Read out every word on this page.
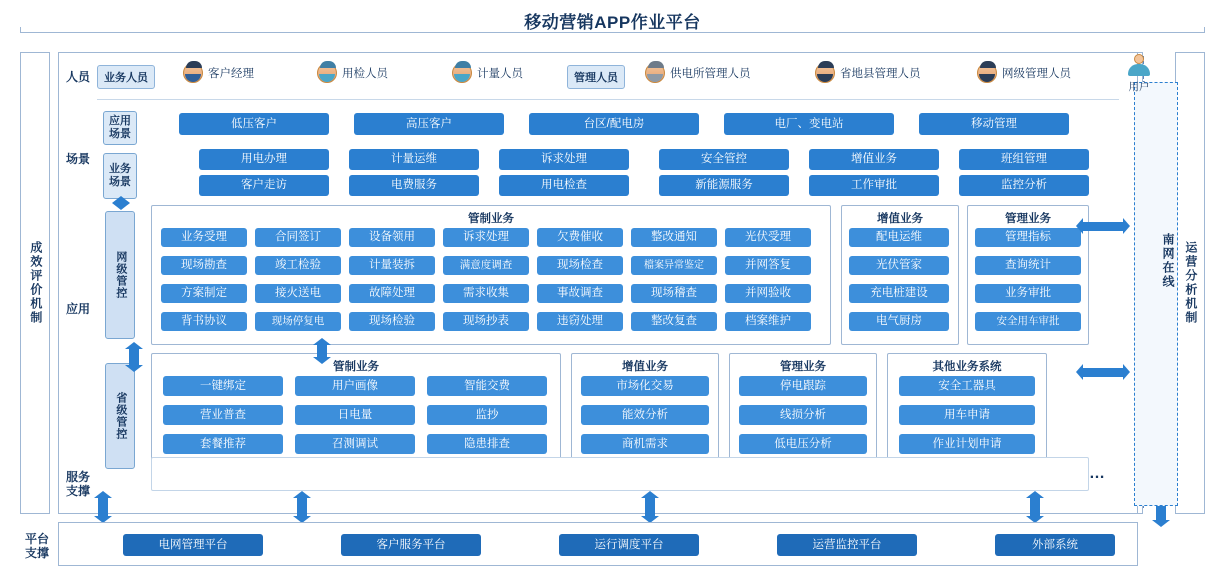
移动营销APP作业平台
成效评价机制	运营分析机制
人员
场景
应用
服务支撑
业务人员	管理人员
客户经理	用检人员	计量人员	供电所管理人员	省地县管理人员	网级管理人员
应用场景
业务场景
低压客户	高压客户	台区/配电房	电厂、变电站	移动管理
用电办理	计量运维	诉求处理	安全管控	增值业务	班组管理
客户走访	电费服务	用电检查	新能源服务	工作审批	监控分析
网级管控
管制业务
业务受理	合同签订	设备领用	诉求处理	欠费催收	整改通知	光伏受理
现场勘查	竣工检验	计量装拆	满意度调查	现场检查	檔案异常鉴定	并网答复
方案制定	接火送电	故障处理	需求收集	事故调查	现场稽查	并网验收
背书协议	现场停复电	现场检验	现场抄表	违窃处理	整改复查	档案维护
增值业务
配电运维
光伏管家
充电桩建设
电气厨房
管理业务
管理指标
查询统计
业务审批
安全用车审批
省级管控
管制业务
一键绑定	用户画像	智能交费
营业普查	日电量	监抄
套餐推荐	召测调试	隐患排查
增值业务
市场化交易
能效分析
商机需求
管理业务
停电跟踪
线损分析
低电压分析
其他业务系统
安全工器具
用车申请
作业计划申请
…
南网在线
用户
平台支撑
电网管理平台	客户服务平台	运行调度平台	运营监控平台	外部系统
